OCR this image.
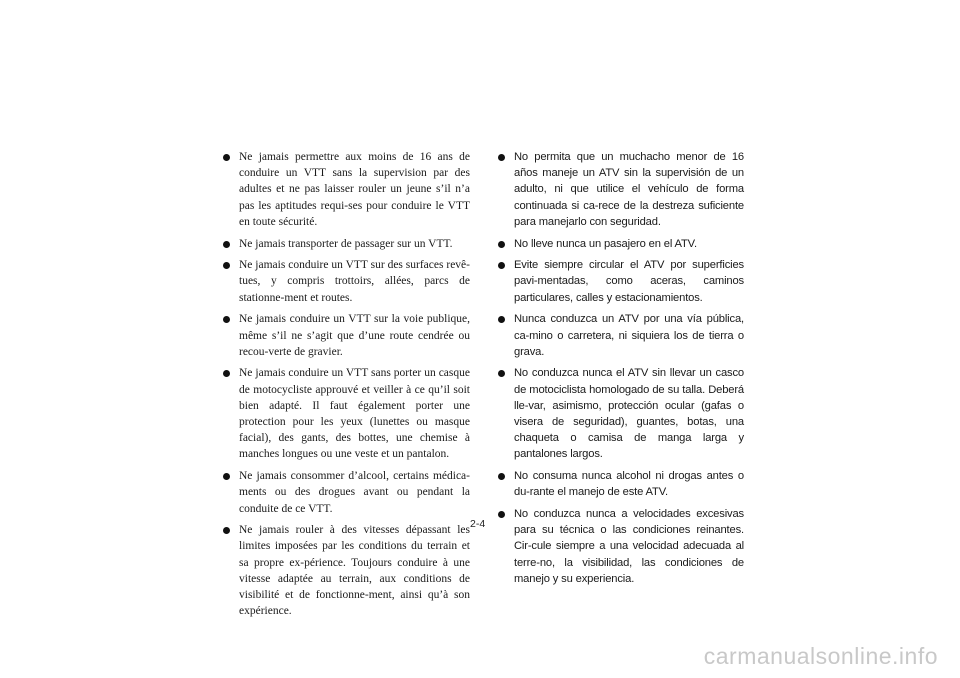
Ne jamais permettre aux moins de 16 ans de conduire un VTT sans la supervision par des adultes et ne pas laisser rouler un jeune s’il n’a pas les aptitudes requi-ses pour conduire le VTT en toute sécurité.
Ne jamais transporter de passager sur un VTT.
Ne jamais conduire un VTT sur des surfaces revê-tues, y compris trottoirs, allées, parcs de stationne-ment et routes.
Ne jamais conduire un VTT sur la voie publique, même s’il ne s’agit que d’une route cendrée ou recou-verte de gravier.
Ne jamais conduire un VTT sans porter un casque de motocycliste approuvé et veiller à ce qu’il soit bien adapté. Il faut également porter une protection pour les yeux (lunettes ou masque facial), des gants, des bottes, une chemise à manches longues ou une veste et un pantalon.
Ne jamais consommer d’alcool, certains médica-ments ou des drogues avant ou pendant la conduite de ce VTT.
Ne jamais rouler à des vitesses dépassant les limites imposées par les conditions du terrain et sa propre ex-périence. Toujours conduire à une vitesse adaptée au terrain, aux conditions de visibilité et de fonctionne-ment, ainsi qu’à son expérience.
No permita que un muchacho menor de 16 años maneje un ATV sin la supervisión de un adulto, ni que utilice el vehículo de forma continuada si ca-rece de la destreza suficiente para manejarlo con seguridad.
No lleve nunca un pasajero en el ATV.
Evite siempre circular el ATV por superficies pavi-mentadas, como aceras, caminos particulares, calles y estacionamientos.
Nunca conduzca un ATV por una vía pública, ca-mino o carretera, ni siquiera los de tierra o grava.
No conduzca nunca el ATV sin llevar un casco de motociclista homologado de su talla. Deberá lle-var, asimismo, protección ocular (gafas o visera de seguridad), guantes, botas, una chaqueta o camisa de manga larga y pantalones largos.
No consuma nunca alcohol ni drogas antes o du-rante el manejo de este ATV.
No conduzca nunca a velocidades excesivas para su técnica o las condiciones reinantes. Cir-cule siempre a una velocidad adecuada al terre-no, la visibilidad, las condiciones de manejo y su experiencia.
2-4
carmanualsonline.info
